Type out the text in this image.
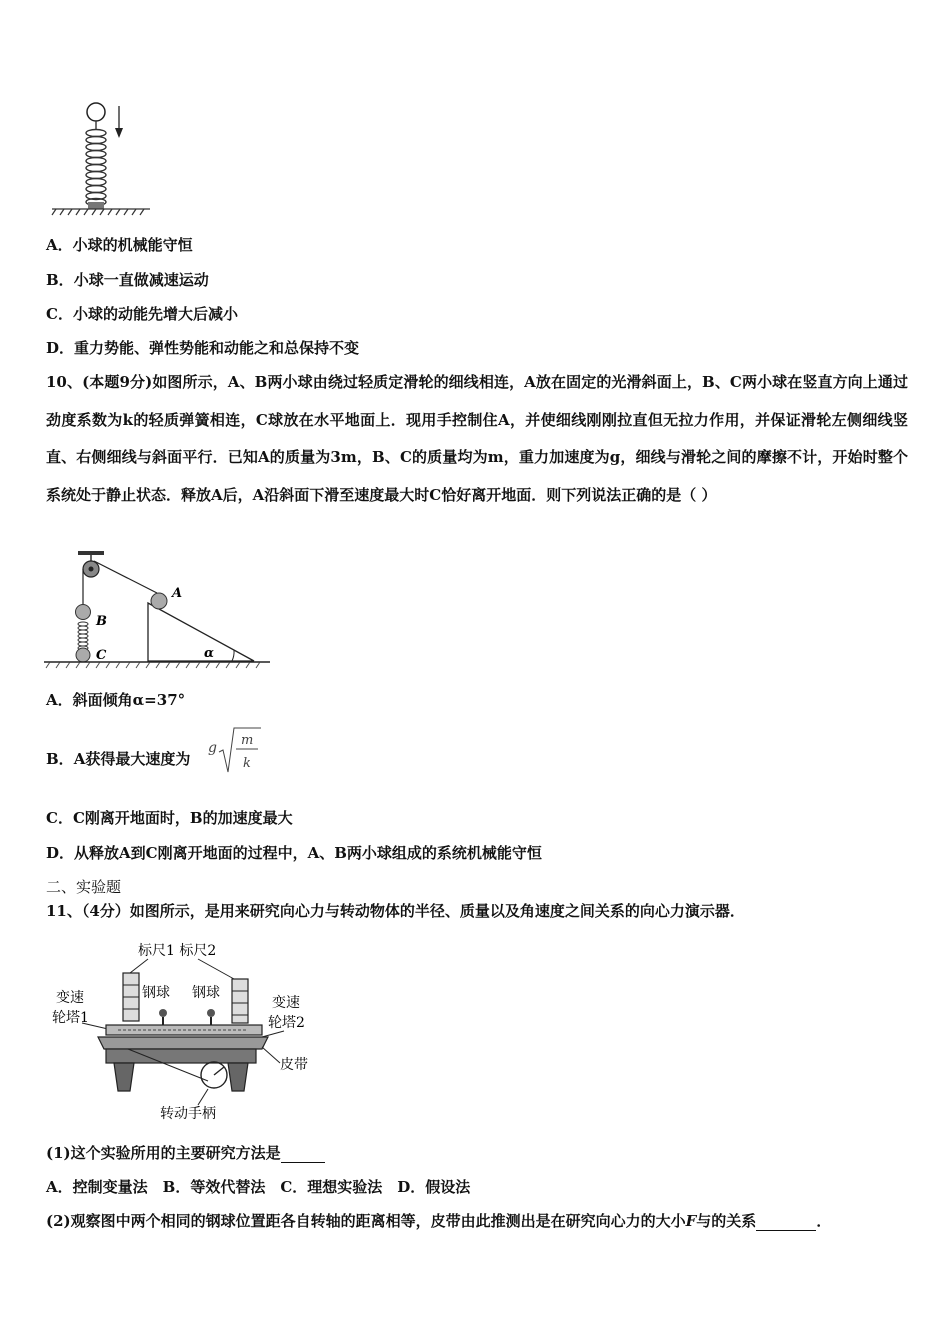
A．小球的机械能守恒
B．小球一直做减速运动
C．小球的动能先增大后减小
D．重力势能、弹性势能和动能之和总保持不变
10、(本题9分)如图所示，A、B两小球由绕过轻质定滑轮的细线相连，A放在固定的光滑斜面上，B、C两小球在竖直方向上通过劲度系数为k的轻质弹簧相连，C球放在水平地面上．现用手控制住A，并使细线刚刚拉直但无拉力作用，并保证滑轮左侧细线竖直、右侧细线与斜面平行．已知A的质量为3m，B、C的质量均为m，重力加速度为g，细线与滑轮之间的摩擦不计，开始时整个系统处于静止状态．释放A后，A沿斜面下滑至速度最大时C恰好离开地面．则下列说法正确的是（ ）
A
B
C	α
A．斜面倾角α=37°
B．A获得最大速度为
g m
k
C．C刚离开地面时，B的加速度最大
D．从释放A到C刚离开地面的过程中，A、B两小球组成的系统机械能守恒
二、实验题
11、（4分）如图所示，是用来研究向心力与转动物体的半径、质量以及角速度之间关系的向心力演示器．
标尺1 标尺2
钢球 钢球
变速
轮塔1
变速
轮塔2
皮带
转动手柄
(1)这个实验所用的主要研究方法是
A．控制变量法　B．等效代替法　C．理想实验法　D．假设法
(2)观察图中两个相同的钢球位置距各自转轴的距离相等，皮带由此推测出是在研究向心力的大小F与的关系	．
